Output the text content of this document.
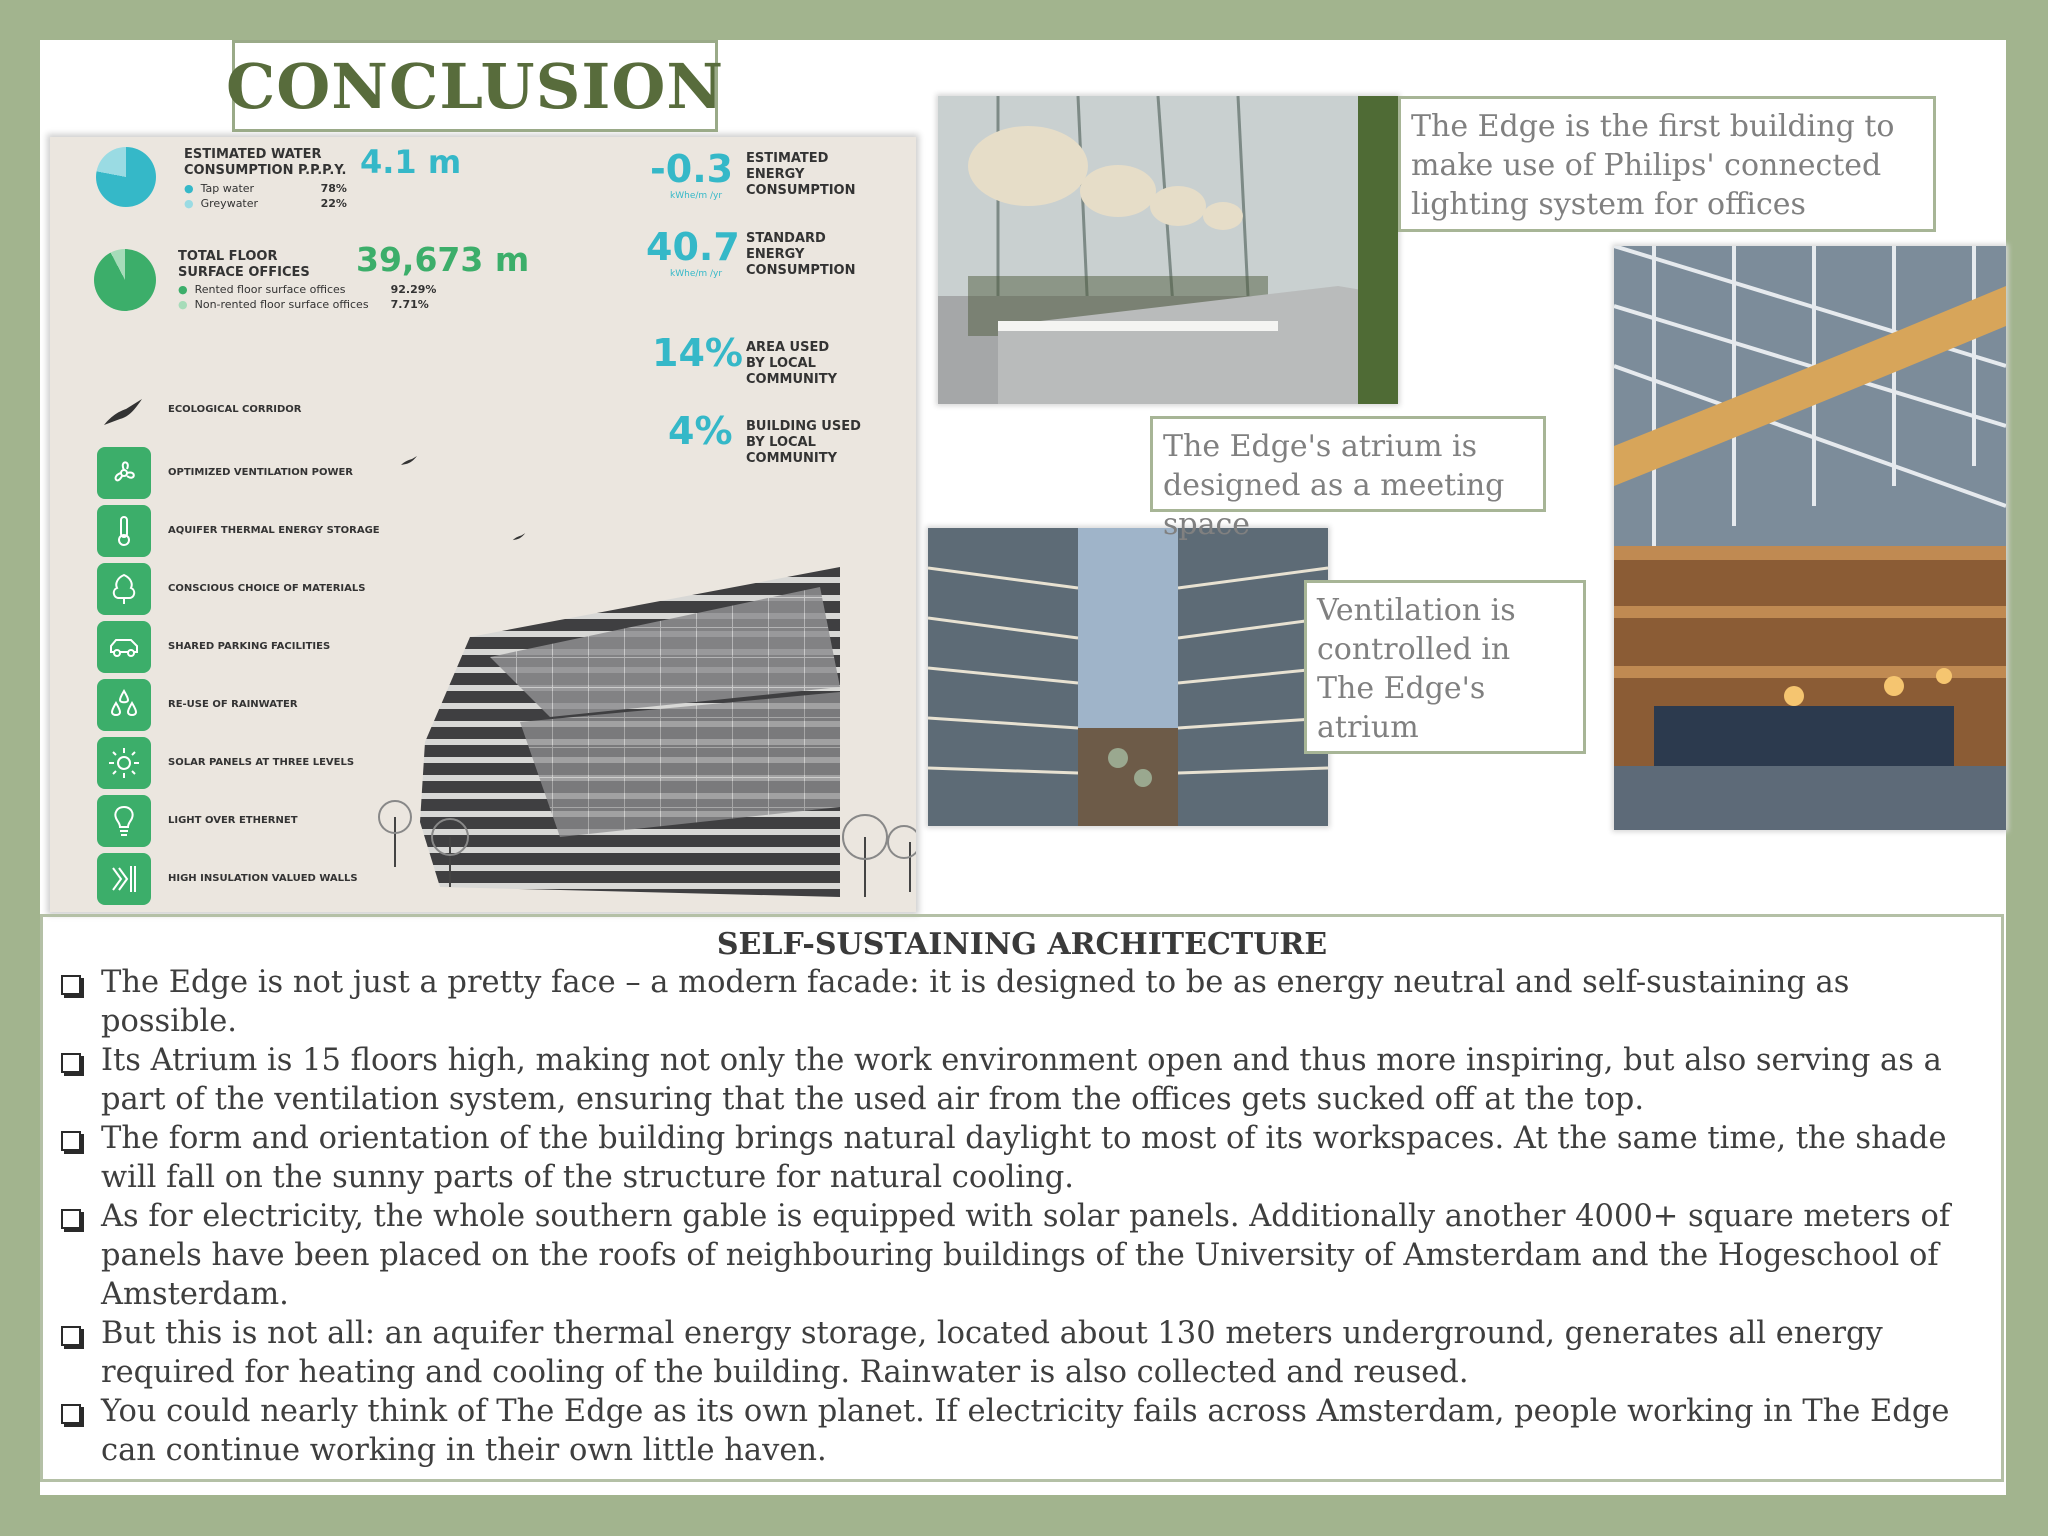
CONCLUSION
ESTIMATED WATER
CONSUMPTION P.P.P.Y. 4.1 m
● Tap water	78%
● Greywater	22%
TOTAL FLOOR
SURFACE OFFICES 39,673 m
● Rented floor surface offices	92.29%
● Non-rented floor surface offices 7.71%
-0.3
kWhe/m /yr
ESTIMATED
ENERGY
CONSUMPTION
40.7
kWhe/m /yr
STANDARD
ENERGY
CONSUMPTION
14% AREA USED
BY LOCAL
COMMUNITY
4% BUILDING USED
BY LOCAL
COMMUNITY
ECOLOGICAL CORRIDOR
OPTIMIZED VENTILATION POWER
AQUIFER THERMAL ENERGY STORAGE
CONSCIOUS CHOICE OF MATERIALS
SHARED PARKING FACILITIES
RE-USE OF RAINWATER
SOLAR PANELS AT THREE LEVELS
LIGHT OVER ETHERNET
HIGH INSULATION VALUED WALLS
The Edge is the first building to make use of Philips' connected lighting system for offices
The Edge's atrium is designed as a meeting space
Ventilation is controlled in The Edge's atrium
SELF-SUSTAINING ARCHITECTURE
The Edge is not just a pretty face – a modern facade: it is designed to be as energy neutral and self-sustaining as possible.
Its Atrium is 15 floors high, making not only the work environment open and thus more inspiring, but also serving as a part of the ventilation system, ensuring that the used air from the offices gets sucked off at the top.
The form and orientation of the building brings natural daylight to most of its workspaces. At the same time, the shade will fall on the sunny parts of the structure for natural cooling.
As for electricity, the whole southern gable is equipped with solar panels. Additionally another 4000+ square meters of panels have been placed on the roofs of neighbouring buildings of the University of Amsterdam and the Hogeschool of Amsterdam.
But this is not all: an aquifer thermal energy storage, located about 130 meters underground, generates all energy required for heating and cooling of the building. Rainwater is also collected and reused.
You could nearly think of The Edge as its own planet. If electricity fails across Amsterdam, people working in The Edge can continue working in their own little haven.
